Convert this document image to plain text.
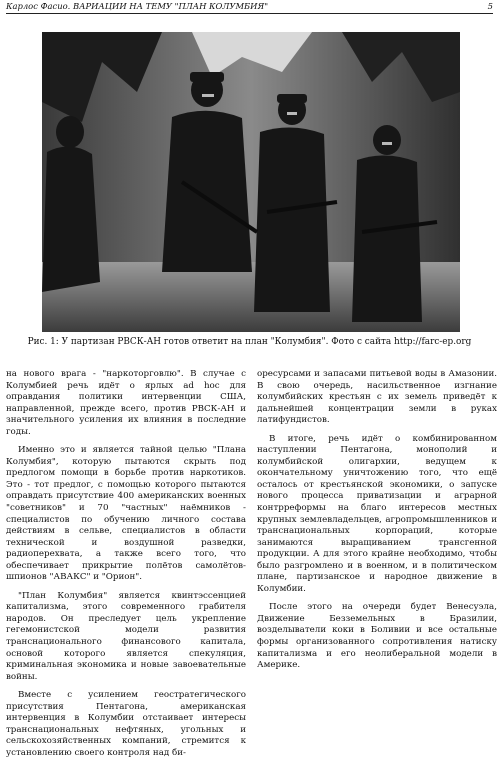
Карлос Фасио. ВАРИАЦИИ НА ТЕМУ "ПЛАН КОЛУМБИЯ"	5
Рис. 1: У партизан РВСК-АН готов ответит на план "Колумбия". Фото с сайта http://farc-ep.org

на нового врага - "наркоторговлю". В случае с Колумбией речь идёт о ярлых ad hoc для оправдания политики интервенции США, направленной, прежде всего, против РВСК-АН и значительного усиления их влияния в последние годы.

Именно это и является тайной целью "Плана Колумбия", которую пытаются скрыть под предлогом помощи в борьбе против наркотиков. Это - тот предлог, с помощью которого пытаются оправдать присутствие 400 американских военных "советников" и 70 "частных" наёмников - специалистов по обучению личного состава действиям в сельве, специалистов в области технической и воздушной разведки, радиоперехвата, а также всего того, что обеспечивает прикрытие полётов самолётов-шпионов "АВАКС" и "Орион".

"План Колумбия" является квинтэссенцией капитализма, этого современного грабителя народов. Он преследует цель укрепление гегемонистской модели развития транснационального финансового капитала, основой которого является спекуляция, криминальная экономика и новые завоевательные войны.

Вместе с усилением геостратегического присутствия Пентагона, американская интервенция в Колумбии отстаивает интересы транснациональных нефтяных, угольных и сельскохозяйственных компаний, стремится к установлению своего контроля над би-

оресурсами и запасами питьевой воды в Амазонии. В свою очередь, насильственное изгнание колумбийских крестьян с их земель приведёт к дальнейшей концентрации земли в руках латифундистов.

В итоге, речь идёт о комбинированном наступлении Пентагона, монополий и колумбийской олигархии, ведущем к окончательному уничтожению того, что ещё осталось от крестьянской экономики, о запуске нового процесса приватизации и аграрной контрреформы на благо интересов местных крупных землевладельцев, агропромышленников и транснациональных корпораций, которые занимаются выращиванием трансгенной продукции. А для этого крайне необходимо, чтобы было разгромлено и в военном, и в политическом плане, партизанское и народное движение в Колумбии.

После этого на очереди будет Венесуэла, Движение Безземельных в Бразилии, возделыватели коки в Боливии и все остальные формы организованного сопротивления натиску капитализма и его неолиберальной модели в Америке.
